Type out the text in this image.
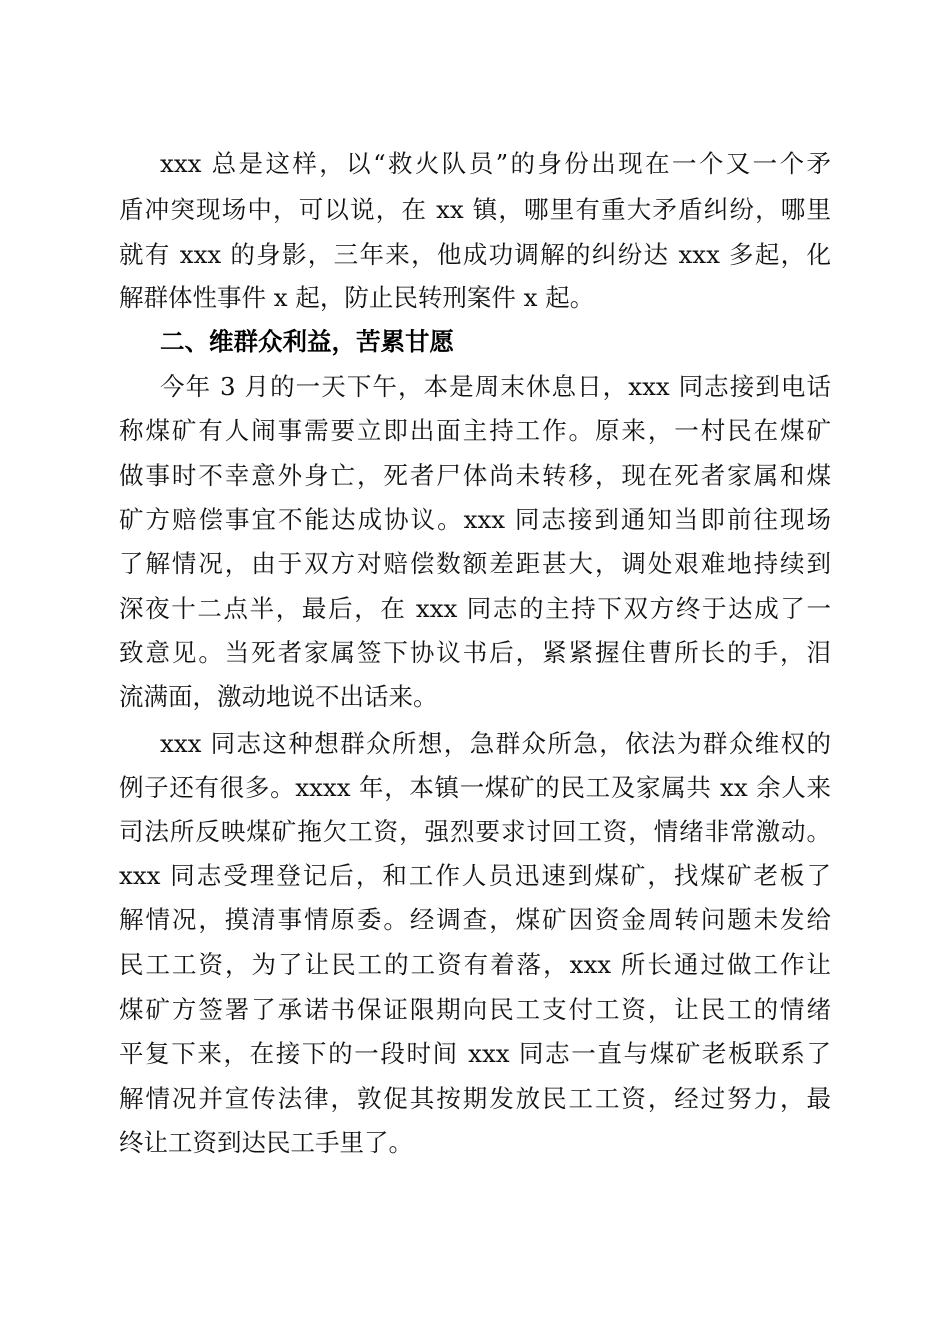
xxx 总是这样，以“救火队员”的身份出现在一个又一个矛
盾冲突现场中，可以说，在 xx 镇，哪里有重大矛盾纠纷，哪里
就有 xxx 的身影，三年来，他成功调解的纠纷达 xxx 多起，化
解群体性事件 x 起，防止民转刑案件 x 起。
二、维群众利益，苦累甘愿
今年 3 月的一天下午，本是周末休息日，xxx 同志接到电话
称煤矿有人闹事需要立即出面主持工作。原来，一村民在煤矿
做事时不幸意外身亡，死者尸体尚未转移，现在死者家属和煤
矿方赔偿事宜不能达成协议。xxx 同志接到通知当即前往现场
了解情况，由于双方对赔偿数额差距甚大，调处艰难地持续到
深夜十二点半，最后，在 xxx 同志的主持下双方终于达成了一
致意见。当死者家属签下协议书后，紧紧握住曹所长的手，泪
流满面，激动地说不出话来。
xxx 同志这种想群众所想，急群众所急，依法为群众维权的
例子还有很多。xxxx 年，本镇一煤矿的民工及家属共 xx 余人来
司法所反映煤矿拖欠工资，强烈要求讨回工资，情绪非常激动。
xxx 同志受理登记后，和工作人员迅速到煤矿，找煤矿老板了
解情况，摸清事情原委。经调查，煤矿因资金周转问题未发给
民工工资，为了让民工的工资有着落，xxx 所长通过做工作让
煤矿方签署了承诺书保证限期向民工支付工资，让民工的情绪
平复下来，在接下的一段时间 xxx 同志一直与煤矿老板联系了
解情况并宣传法律，敦促其按期发放民工工资，经过努力，最
终让工资到达民工手里了。
